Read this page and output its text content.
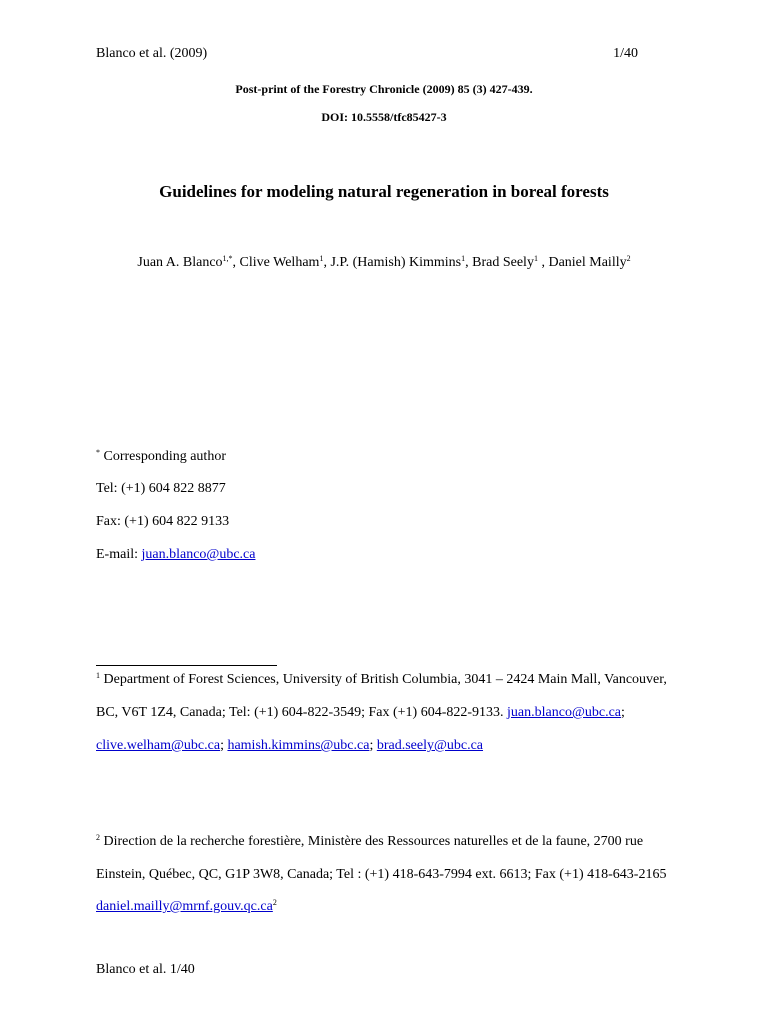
Blanco et al. (2009)	1/40
Post-print of the Forestry Chronicle (2009) 85 (3) 427-439.
DOI: 10.5558/tfc85427-3
Guidelines for modeling natural regeneration in boreal forests
Juan A. Blanco$^{1,*}$, Clive Welham$^1$, J.P. (Hamish) Kimmins$^1$, Brad Seely$^1$ , Daniel Mailly$^2$
* Corresponding author
Tel: (+1) 604 822 8877
Fax: (+1) 604 822 9133
E-mail: juan.blanco@ubc.ca
$^1$ Department of Forest Sciences, University of British Columbia, 3041 – 2424 Main Mall, Vancouver,
BC, V6T 1Z4, Canada; Tel: (+1) 604-822-3549; Fax (+1) 604-822-9133. juan.blanco@ubc.ca;
clive.welham@ubc.ca; hamish.kimmins@ubc.ca; brad.seely@ubc.ca
$^2$ Direction de la recherche forestière, Ministère des Ressources naturelles et de la faune, 2700 rue
Einstein, Québec, QC, G1P 3W8, Canada; Tel : (+1) 418-643-7994 ext. 6613; Fax (+1) 418-643-2165
$daniel.mailly@mrnf.gouv.qc.ca^2$
Blanco et al. 1/40
